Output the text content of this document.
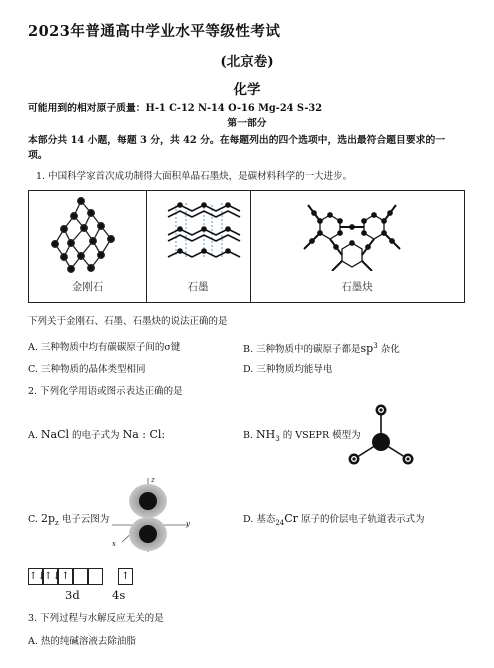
2023年普通高中学业水平等级性考试
(北京卷)
化学
可能用到的相对原子质量：H-1 C-12 N-14 O-16 Mg-24 S-32
第一部分
本部分共 14 小题，每题 3 分，共 42 分。在每题列出的四个选项中，选出最符合题目要求的一
项。
1. 中国科学家首次成功制得大面积单晶石墨炔，是碳材料科学的一大进步。
金刚石	石墨	石墨炔
下列关于金刚石、石墨、石墨炔的说法正确的是
A. 三种物质中均有碳碳原子间的σ键	B. 三种物质中的碳原子都是$sp^3$ 杂化
C. 三种物质的晶体类型相同	D. 三种物质均能导电
2. 下列化学用语或图示表达正确的是
A. NaCl 的电子式为 Na : Cl:	B. $NH_3$ 的 VSEPR 模型为
C. $2p_z$ 电子云图为
z
y
x
D. 基态$_{24}$Cr 原子的价层电子轨道表示式为
↑↓
↑↓ ↑	↑
3d	4s
3. 下列过程与水解反应无关的是
A. 热的纯碱溶液去除油脂
